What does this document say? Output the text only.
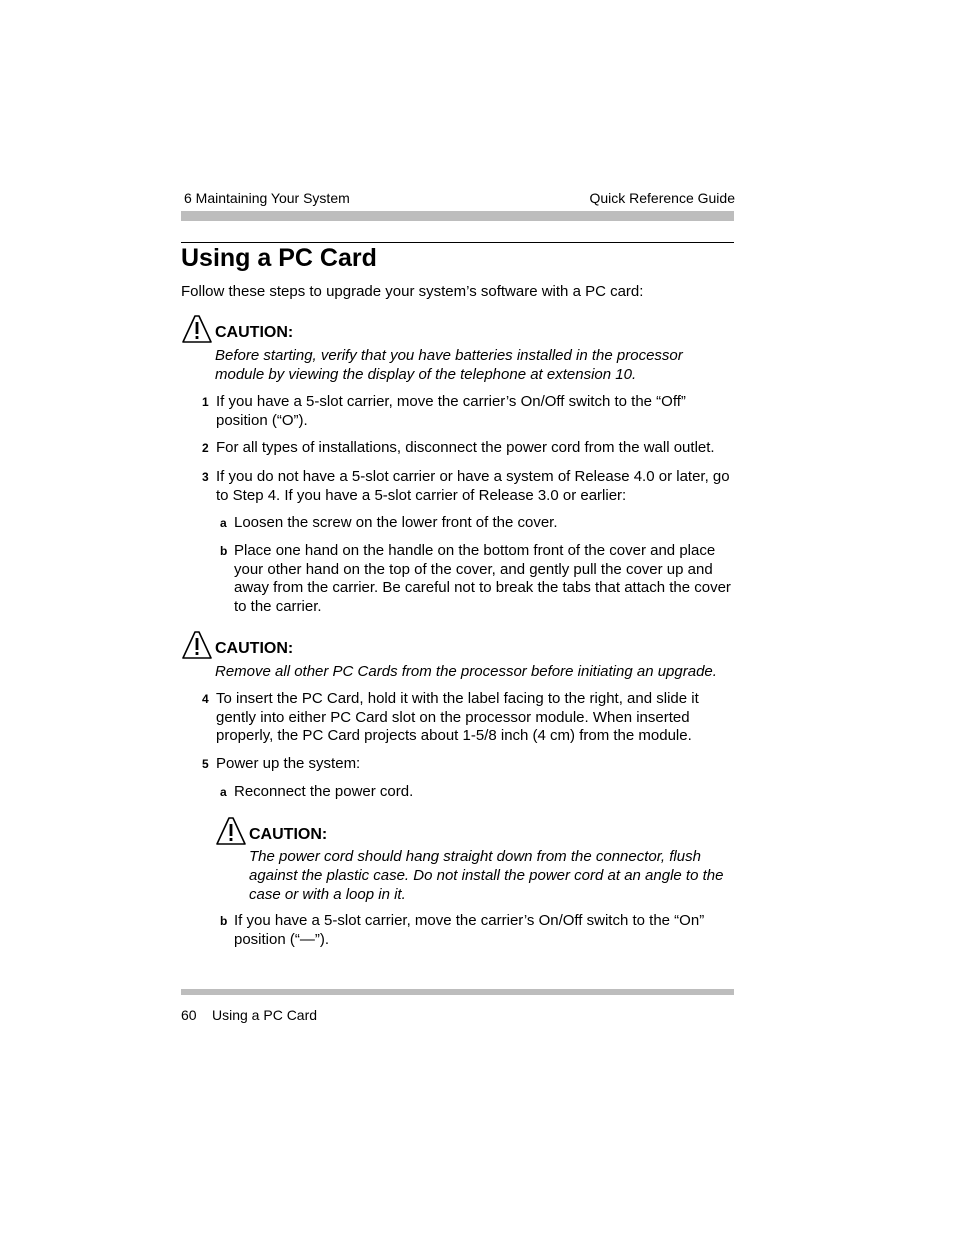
6 Maintaining Your System	Quick Reference Guide
Using a PC Card
Follow these steps to upgrade your system’s software with a PC card:
CAUTION:
Before starting, verify that you have batteries installed in the processor module by viewing the display of the telephone at extension 10.
1 If you have a 5-slot carrier, move the carrier’s On/Off switch to the “Off” position (“O”).
2 For all types of installations, disconnect the power cord from the wall outlet.
3 If you do not have a 5-slot carrier or have a system of Release 4.0 or later, go to Step 4. If you have a 5-slot carrier of Release 3.0 or earlier:
a Loosen the screw on the lower front of the cover.
b Place one hand on the handle on the bottom front of the cover and place your other hand on the top of the cover, and gently pull the cover up and away from the carrier. Be careful not to break the tabs that attach the cover to the carrier.
CAUTION:
Remove all other PC Cards from the processor before initiating an upgrade.
4 To insert the PC Card, hold it with the label facing to the right, and slide it gently into either PC Card slot on the processor module. When inserted properly, the PC Card projects about 1-5/8 inch (4 cm) from the module.
5 Power up the system:
a Reconnect the power cord.
CAUTION:
The power cord should hang straight down from the connector, flush against the plastic case. Do not install the power cord at an angle to the case or with a loop in it.
b If you have a 5-slot carrier, move the carrier’s On/Off switch to the “On” position (“—”).
60 Using a PC Card
